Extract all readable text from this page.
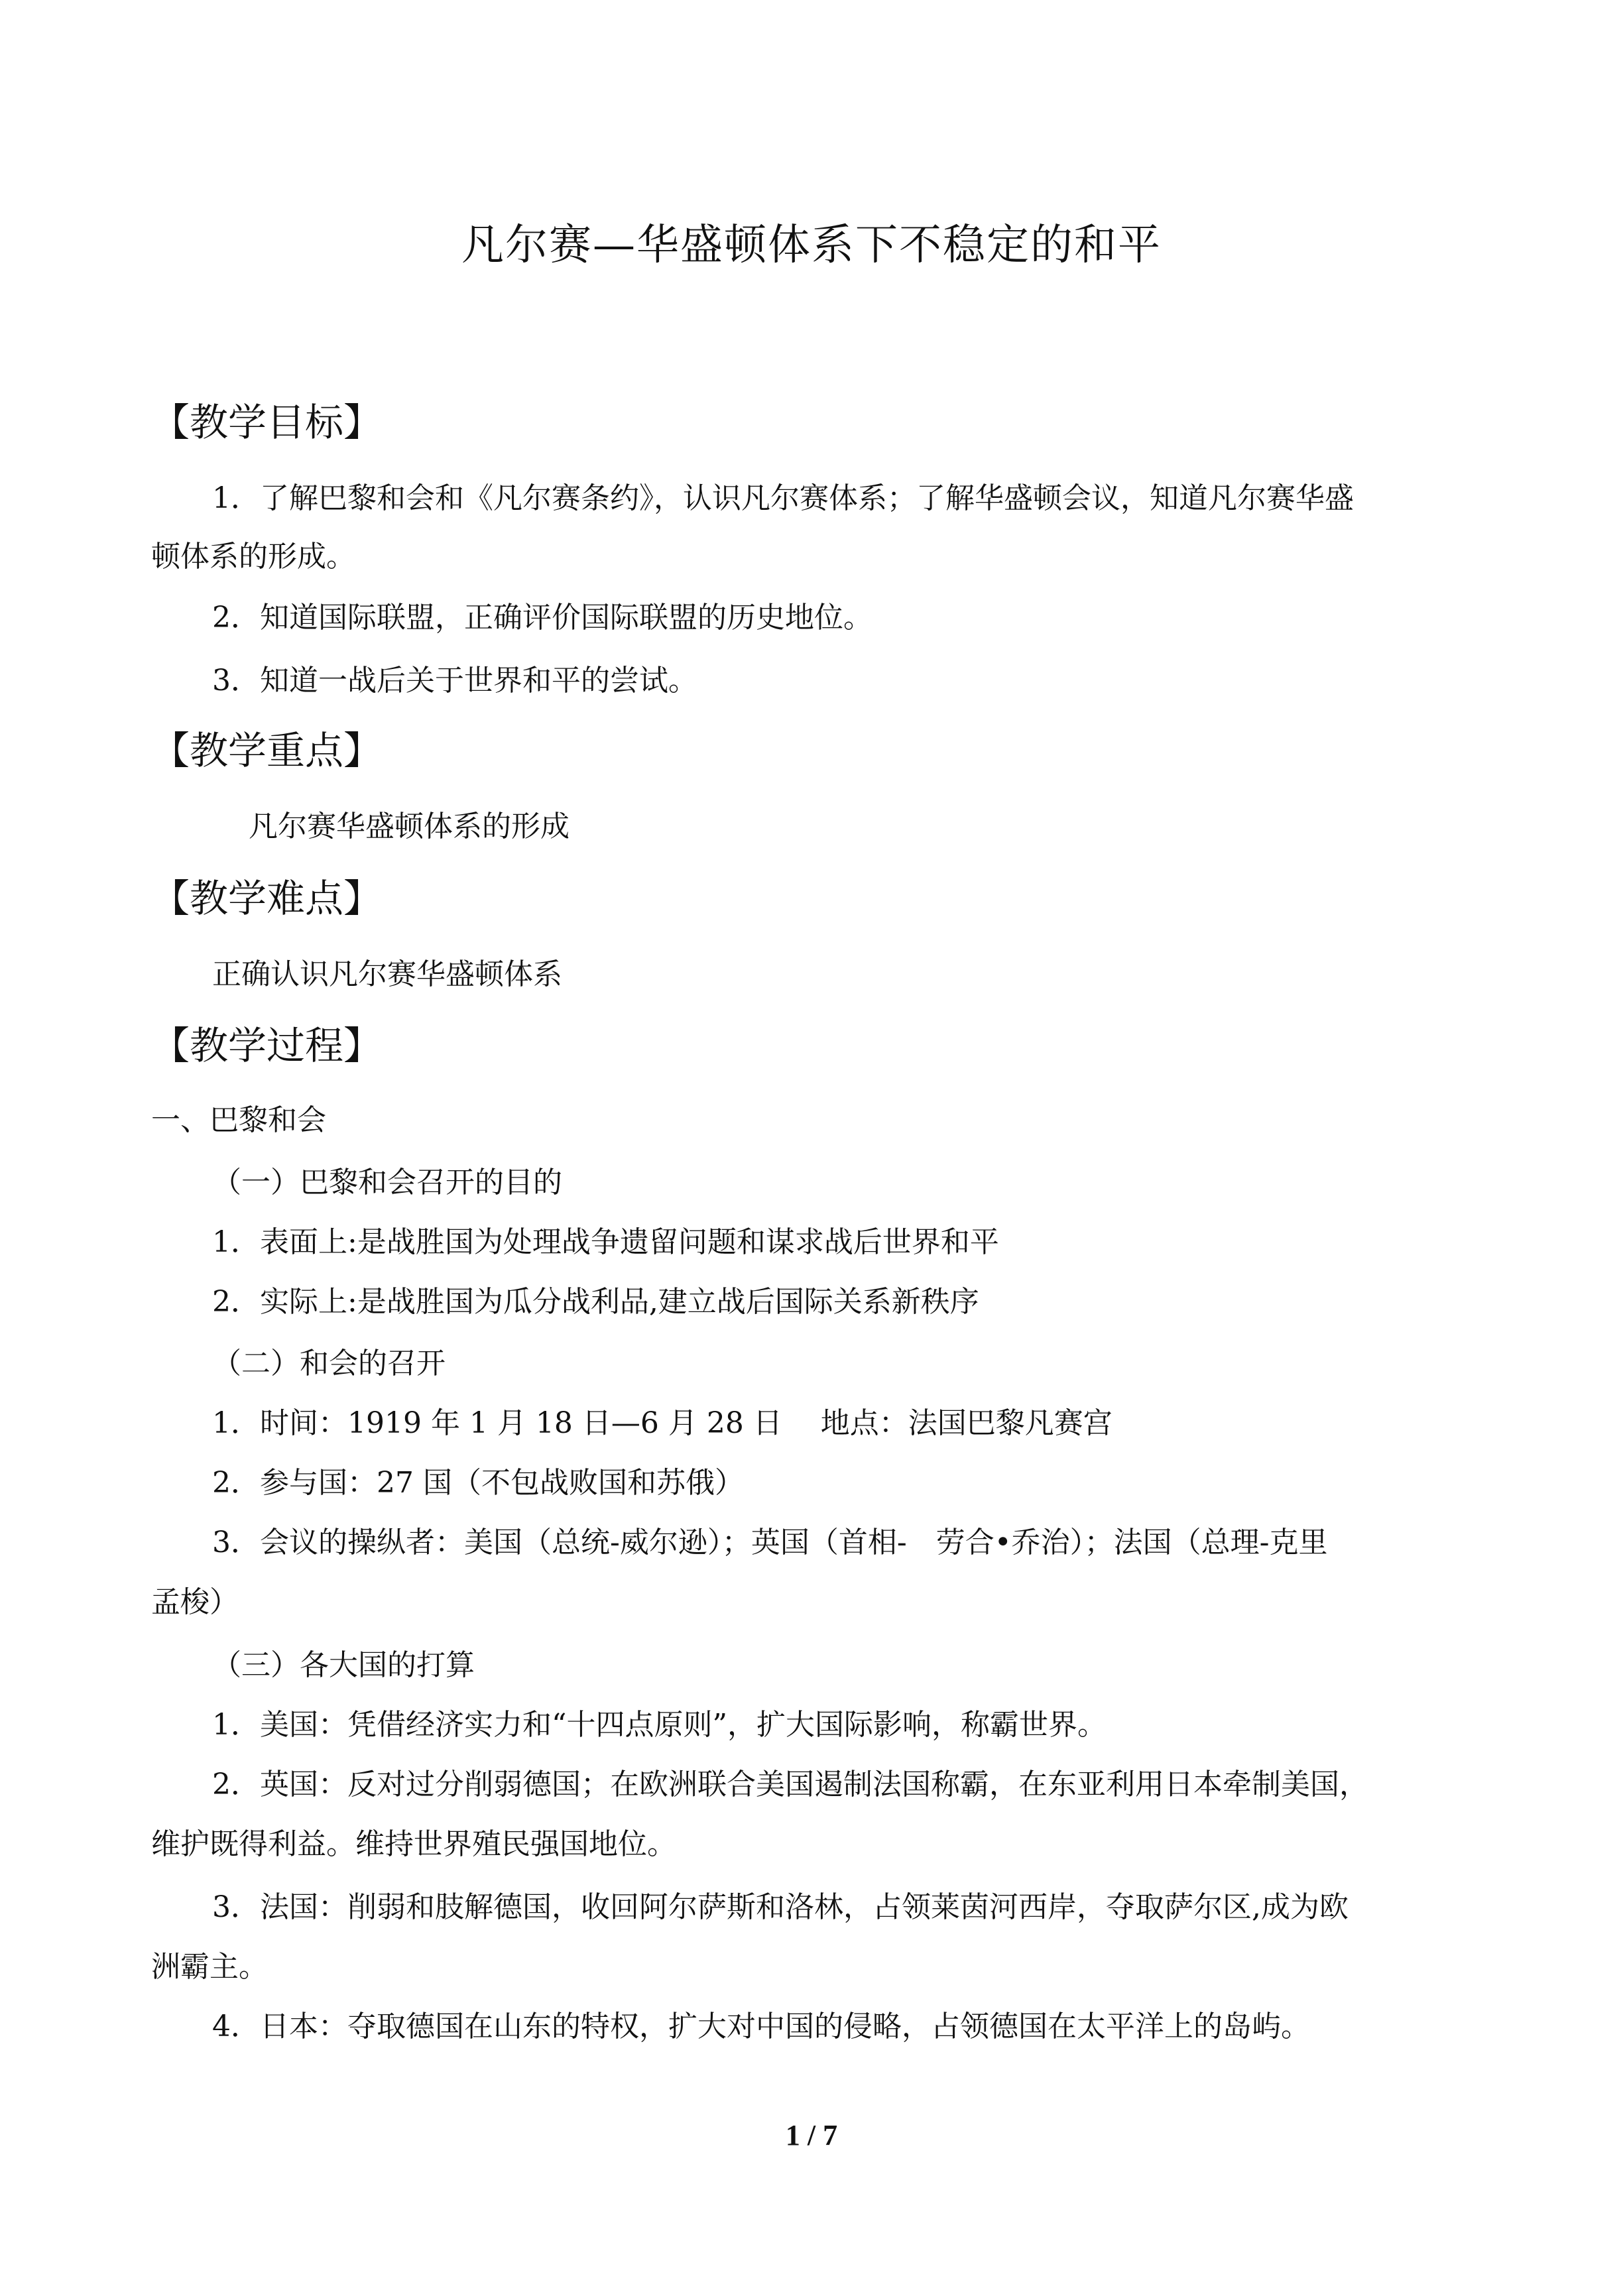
凡尔赛—华盛顿体系下不稳定的和平
【教学目标】
1．了解巴黎和会和《凡尔赛条约》，认识凡尔赛体系；了解华盛顿会议，知道凡尔赛华盛
顿体系的形成。
2．知道国际联盟，正确评价国际联盟的历史地位。
3．知道一战后关于世界和平的尝试。
【教学重点】
凡尔赛华盛顿体系的形成
【教学难点】
正确认识凡尔赛华盛顿体系
【教学过程】
一、巴黎和会
（一）巴黎和会召开的目的
1．表面上:是战胜国为处理战争遗留问题和谋求战后世界和平
2．实际上:是战胜国为瓜分战利品,建立战后国际关系新秩序
（二）和会的召开
1．时间：1919 年 1 月 18 日—6 月 28 日　 地点：法国巴黎凡赛宫
2．参与国：27 国（不包战败国和苏俄）
3．会议的操纵者：美国（总统-威尔逊）；英国（首相-　劳合•乔治）；法国（总理-克里
孟梭）
（三）各大国的打算
1．美国：凭借经济实力和“十四点原则”，扩大国际影响，称霸世界。
2．英国：反对过分削弱德国；在欧洲联合美国遏制法国称霸，在东亚利用日本牵制美国，
维护既得利益。维持世界殖民强国地位。
3．法国：削弱和肢解德国，收回阿尔萨斯和洛林，占领莱茵河西岸，夺取萨尔区,成为欧
洲霸主。
4．日本：夺取德国在山东的特权，扩大对中国的侵略，占领德国在太平洋上的岛屿。
1 / 7
